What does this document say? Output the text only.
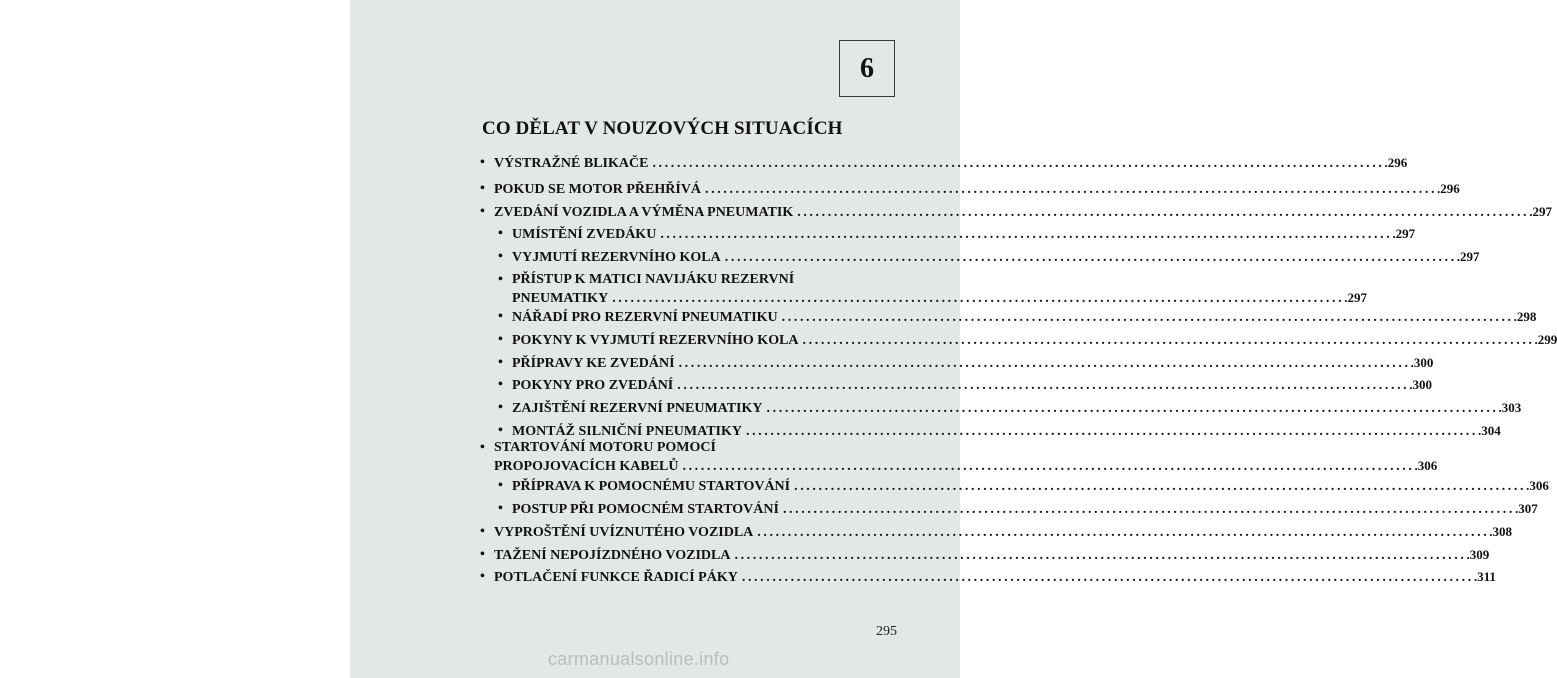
6
CO DĚLAT V NOUZOVÝCH SITUACÍCH
• VÝSTRAŽNÉ BLIKAČE ........................................................................................................................ .296
• POKUD SE MOTOR PŘEHŘÍVÁ ........................................................................................................................ .296
• ZVEDÁNÍ VOZIDLA A VÝMĚNA PNEUMATIK ........................................................................................................................ .297
• UMÍSTĚNÍ ZVEDÁKU ........................................................................................................................ .297
• VYJMUTÍ REZERVNÍHO KOLA ........................................................................................................................ .297
• PŘÍSTUP K MATICI NAVIJÁKU REZERVNÍ
PNEUMATIKY ........................................................................................................................ .297
• NÁŘADÍ PRO REZERVNÍ PNEUMATIKU ........................................................................................................................ .298
• POKYNY K VYJMUTÍ REZERVNÍHO KOLA ........................................................................................................................ .299
• PŘÍPRAVY KE ZVEDÁNÍ ........................................................................................................................ .300
• POKYNY PRO ZVEDÁNÍ ........................................................................................................................ .300
• ZAJIŠTĚNÍ REZERVNÍ PNEUMATIKY ........................................................................................................................ .303
• MONTÁŽ SILNIČNÍ PNEUMATIKY ........................................................................................................................ .304
• STARTOVÁNÍ MOTORU POMOCÍ
PROPOJOVACÍCH KABELŮ ........................................................................................................................ .306
• PŘÍPRAVA K POMOCNÉMU STARTOVÁNÍ ........................................................................................................................ .306
• POSTUP PŘI POMOCNÉM STARTOVÁNÍ ........................................................................................................................ .307
• VYPROŠTĚNÍ UVÍZNUTÉHO VOZIDLA ........................................................................................................................ .308
• TAŽENÍ NEPOJÍZDNÉHO VOZIDLA ........................................................................................................................ .309
• POTLAČENÍ FUNKCE ŘADICÍ PÁKY ........................................................................................................................ .311
295
carmanualsonline.info
